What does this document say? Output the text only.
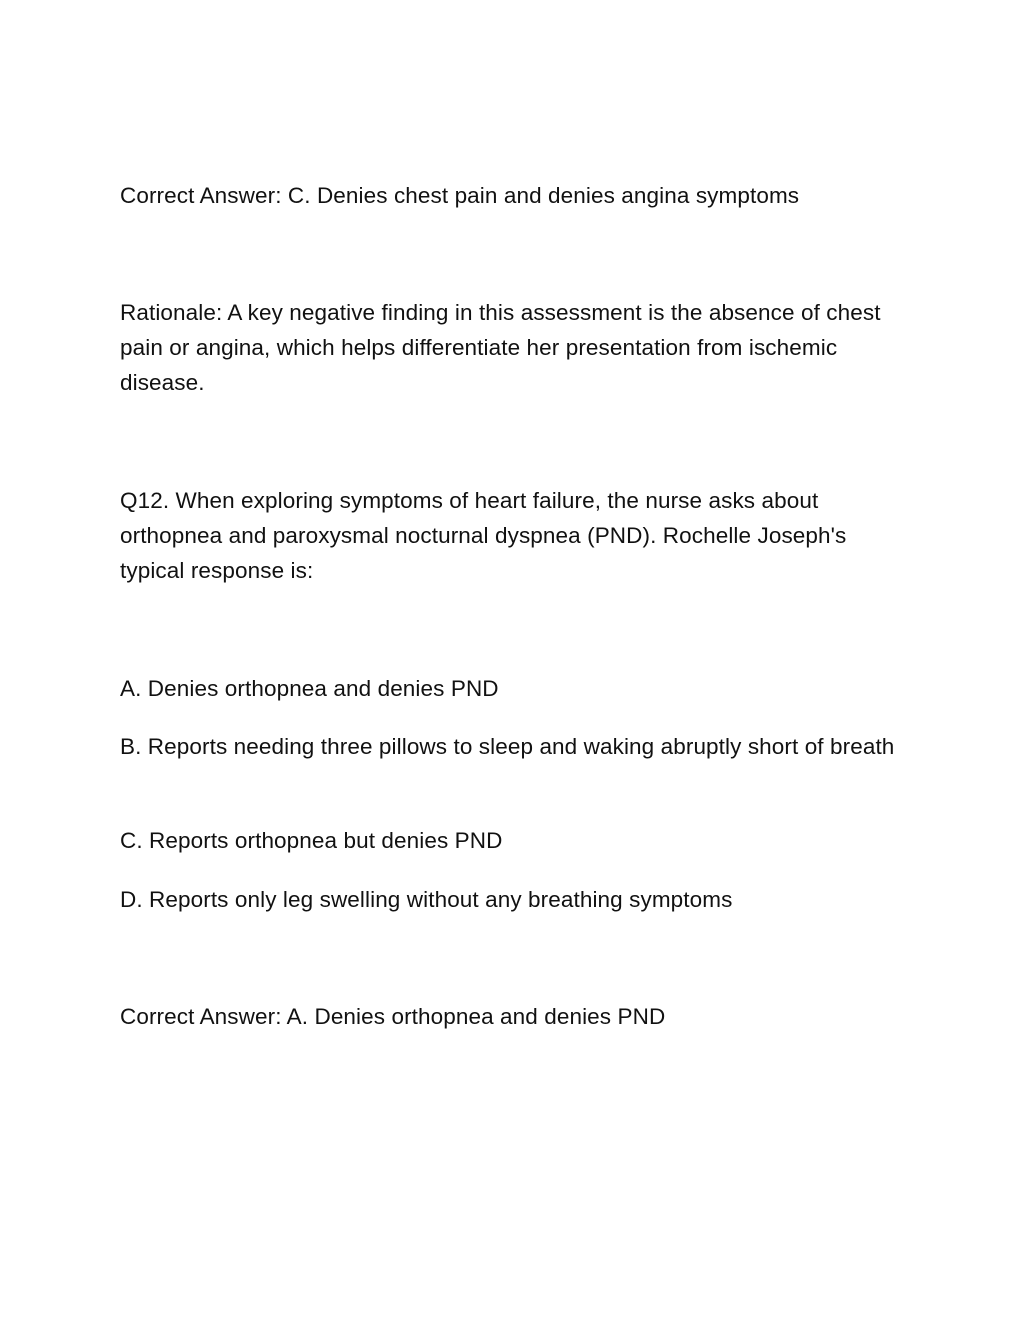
Correct Answer: C. Denies chest pain and denies angina symptoms

Rationale: A key negative finding in this assessment is the absence of chest pain or angina, which helps differentiate her presentation from ischemic disease.

Q12. When exploring symptoms of heart failure, the nurse asks about orthopnea and paroxysmal nocturnal dyspnea (PND). Rochelle Joseph's typical response is:

A. Denies orthopnea and denies PND

B. Reports needing three pillows to sleep and waking abruptly short of breath

C. Reports orthopnea but denies PND

D. Reports only leg swelling without any breathing symptoms

Correct Answer: A. Denies orthopnea and denies PND
